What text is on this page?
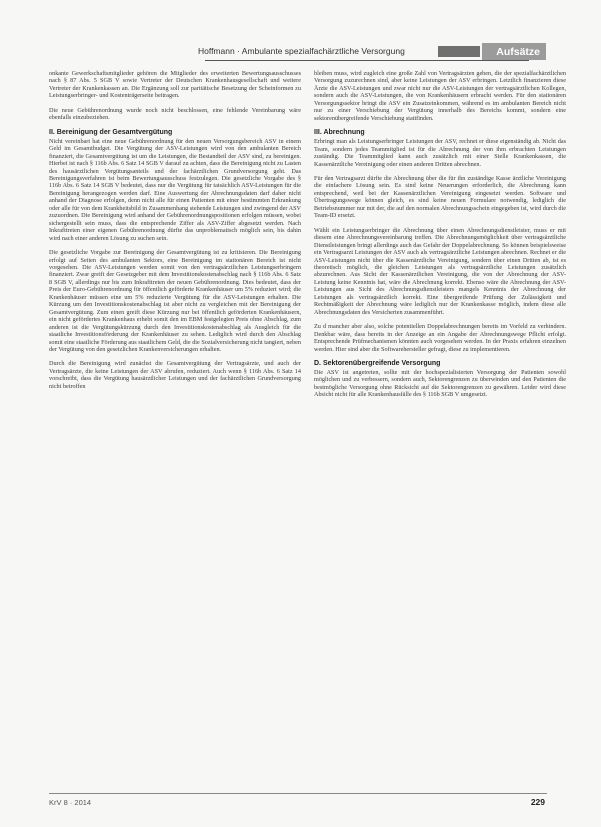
Hoffmann · Ambulante spezialfachärztliche Versorgung	Aufsätze

onkante Gewerkschaftsmitglieder gehören die Mitglieder des erweiterten Bewertungsausschusses nach § 87 Abs. 5 SGB V sowie Vertreter der Deutschen Krankenhausgesellschaft und weitere Vertreter der Krankenkassen an. Die Ergänzung soll zur paritätische Besetzung der Scheinformen zu Leistungserbringer- und Kostenträgerseite beitragen.

Die neue Gebührenordnung wurde noch nicht beschlossen, eine fehlende Vereinbarung wäre ebenfalls einzubeziehen.

II. Bereinigung der Gesamtvergütung

Nicht vereinbart hat eine neue Gebührenordnung für den neuen Versorgungsbereich ASV in einem Geld im Gesamtbudget. Die Vergütung der ASV-Leistungen wird von den ambulanten Bereich finanziert, die Gesamtvergütung ist um die Leistungen, die Bestandteil der ASV sind, zu bereinigen. Hierbei ist nach § 116b Abs. 6 Satz 14 SGB V darauf zu achten, dass die Bereinigung nicht zu Lasten des hausärztlichen Vergütungsanteils und der fachärztlichen Grundversorgung geht. Das Bereinigungsverfahren ist beim Bewertungsausschuss festzulegen. Die gesetzliche Vorgabe des § 116b Abs. 6 Satz 14 SGB V bedeutet, dass nur die Vergütung für tatsächlich ASV-Leistungen für die Bereinigung herangezogen werden darf. Eine Auswertung der Abrechnungsdaten darf daher nicht anhand der Diagnose erfolgen, denn nicht alle für einen Patienten mit einer bestimmten Erkrankung oder alle für von dem Krankheitsbild in Zusammenhang stehende Leistungen sind zwingend der ASV zuzuordnen. Die Bereinigung wird anhand der Gebührenordnungspositionen erfolgen müssen, wobei sichergestellt sein muss, dass die entsprechende Ziffer als ASV-Ziffer abgesetzt werden. Nach Inkrafttreten einer eigenen Gebührenordnung dürfte das unproblematisch möglich sein, bis dahin wird nach einer anderen Lösung zu suchen sein.

Die gesetzliche Vorgabe zur Bereinigung der Gesamtvergütung ist zu kritisieren. Die Bereinigung erfolgt auf Seiten des ambulanten Sektors, eine Bereinigung im stationären Bereich ist nicht vorgesehen. Die ASV-Leistungen werden somit von den vertragsärztlichen Leistungserbringern finanziert. Zwar greift der Gesetzgeber mit dem Investitionskostenabschlag nach § 116b Abs. 6 Satz 8 SGB V, allerdings nur bis zum Inkrafttreten der neuen Gebührenordnung. Dies bedeutet, dass der Preis der Euro-Gebührenordnung für öffentlich geförderte Krankenhäuser um 5% reduziert wird; die Krankenhäuser müssen eine um 5% reduzierte Vergütung für die ASV-Leistungen erhalten. Die Kürzung um den Investitionskostenabschlag ist aber nicht zu vergleichen mit der Bereinigung der Gesamtvergütung. Zum einen greift diese Kürzung nur bei öffentlich geförderten Krankenhäusern, ein nicht gefördertes Krankenhaus erhebt somit den im EBM festgelegten Preis ohne Abschlag, zum anderen ist die Vergütungskürzung durch den Investitionskostenabschlag als Ausgleich für die staatliche Investitionsförderung der Krankenhäuser zu sehen. Lediglich wird durch den Abschlag somit eine staatliche Förderung aus staatlichem Geld, die die Sozialversicherung nicht tangiert, neben der Vergütung von den gesetzlichen Krankenversicherungen erhalten.

Durch die Bereinigung wird zunächst die Gesamtvergütung der Vertragsärzte, und auch der Vertragsärzte, die keine Leistungen der ASV abrufen, reduziert. Auch wenn § 116b Abs. 6 Satz 14 vorschreibt, dass die Vergütung hausärztlicher Leistungen und der fachärztlichen Grundversorgung nicht betroffen

bleiben muss, wird zugleich eine große Zahl von Vertragsärzten geben, die der spezialfachärztlichen Versorgung zuzurechnen sind, aber keine Leistungen der ASV erbringen. Letztlich finanzieren diese Ärzte die ASV-Leistungen und zwar nicht nur die ASV-Leistungen der vertragsärztlichen Kollegen, sondern auch die ASV-Leistungen, die von Krankenhäusern erbracht werden. Für den stationären Versorgungssektor bringt die ASV ein Zusatzeinkommen, während es im ambulanten Bereich nicht nur zu einer Verschiebung der Vergütung innerhalb des Bereichs kommt, sondern eine sektorenübergreifende Verschiebung stattfinden.

III. Abrechnung

Erbringt man als Leistungserbringer Leistungen der ASV, rechnet er diese eigenständig ab. Nicht das Team, sondern jedes Teammitglied ist für die Abrechnung der von ihm erbrachten Leistungen zuständig. Die Teammitglied kann auch zusätzlich mit einer Stelle Krankenkassen, die Kassenärztliche Vereinigung oder einen anderen Dritten abrechnen.

Für den Vertragsarzt dürfte die Abrechnung über die für ihn zuständige Kasse ärztliche Vereinigung die einfachere Lösung sein. Es sind keine Neuerungen erforderlich, die Abrechnung kann entsprechend, weil bei der Kassenärztlichen Vereinigung eingesetzt werden. Software und Übertragungswege können gleich, es sind keine neuen Formulare notwendig, lediglich die Betriebsnummer nur mit der, die auf den normalen Abrechnungsschein eingegeben ist, wird durch die Team-ID ersetzt.

Wählt ein Leistungserbringer die Abrechnung über einen Abrechnungsdienstleister, muss er mit diesem eine Abrechnungsvereinbarung treffen. Die Abrechnungsmöglichkeit über vertragsärztliche Dienstleistungen bringt allerdings auch das Gefahr der Doppelabrechnung. So können beispielsweise ein Vertragsarzt Leistungen der ASV auch als vertragsärztliche Leistungen abrechnen. Rechnet er die ASV-Leistungen nicht über die Kassenärztliche Vereinigung, sondern über einen Dritten ab, ist es theoretisch möglich, die gleichen Leistungen als vertragsärztliche Leistungen zusätzlich abzurechnen. Aus Sicht der Kassenärztlichen Vereinigung, die von der Abrechnung der ASV-Leistung keine Kenntnis hat, wäre die Abrechnung korrekt. Ebenso wäre die Abrechnung der ASV-Leistungen aus Sicht des Abrechnungsdienstleisters mangels Kenntnis der Abrechnung der Leistungen als vertragsärztlich korrekt. Eine übergreifende Prüfung der Zulässigkeit und Rechtmäßigkeit der Abrechnung wäre lediglich nur der Krankenkasse möglich, indem diese alle Abrechnungsdaten des Versicherten zusammenführt.

Zu d mancher aber also, solche potentiellen Doppelabrechnungen bereits im Vorfeld zu verhindern. Denkbar wäre, dass bereits in der Anzeige an ein Angabe der Abrechnungswege Pflicht erfolgt. Entsprechende Prüfmechanismen könnten auch vorgesehen werden. In der Praxis erfahren einzelnen werden. Hier sind aber die Softwarehersteller gefragt, diese zu implementieren.

D. Sektorenübergreifende Versorgung

Die ASV ist angetreten, sollte mit der hochspezialisierten Versorgung der Patienten sowohl möglichen und zu verbessern, sondern auch, Sektorengrenzen zu überwinden und den Patienten die bestmögliche Versorgung ohne Rücksicht auf die Sektorengrenzen zu gewähren. Leider wird diese Absicht nicht für alle Krankenhausfälle des § 116b SGB V umgesetzt.

KrV 8 · 2014	229
